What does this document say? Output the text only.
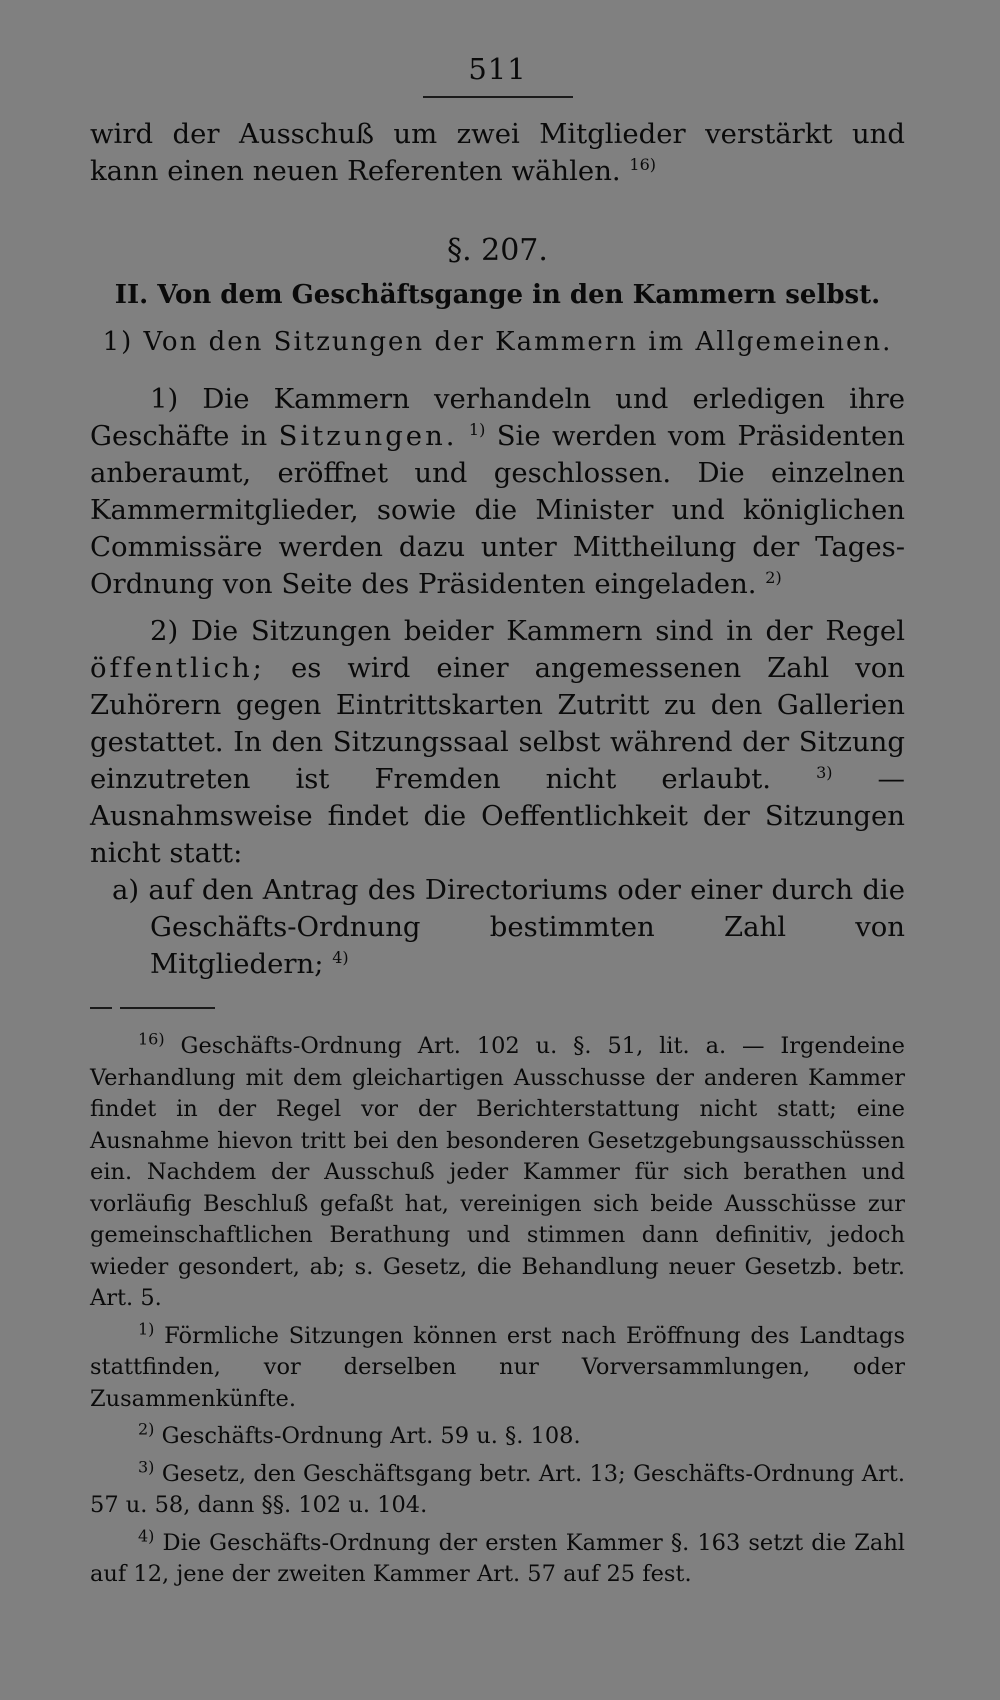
511

wird der Ausschuß um zwei Mitglieder verstärkt und kann einen neuen Referenten wählen. $^{16)}$

§. 207.
II. Von dem Geschäftsgange in den Kammern selbst.
1) Von den Sitzungen der Kammern im Allgemeinen.

1) Die Kammern verhandeln und erledigen ihre Geschäfte in Sitzungen. $^{1)}$ Sie werden vom Präsidenten anberaumt, eröffnet und geschlossen. Die einzelnen Kammermitglieder, sowie die Minister und königlichen Commissäre werden dazu unter Mittheilung der Tages-Ordnung von Seite des Präsidenten eingeladen. $^{2)}$

2) Die Sitzungen beider Kammern sind in der Regel öffentlich; es wird einer angemessenen Zahl von Zuhörern gegen Eintrittskarten Zutritt zu den Gallerien gestattet. In den Sitzungssaal selbst während der Sitzung einzutreten ist Fremden nicht erlaubt.	$^{3)}$ — Ausnahmsweise findet die Oeffentlichkeit der Sitzungen nicht statt:

a) auf den Antrag des Directoriums oder einer durch die Geschäfts-Ordnung bestimmten Zahl von Mitgliedern; $^{4)}$

$^{16)}$ Geschäfts-Ordnung Art. 102 u. §. 51, lit. a. — Irgendeine Verhandlung mit dem gleichartigen Ausschusse der anderen Kammer findet in der Regel vor der Berichterstattung nicht statt; eine Ausnahme hievon tritt bei den besonderen Gesetzgebungsausschüssen ein. Nachdem der Ausschuß jeder Kammer für sich berathen und vorläufig Beschluß gefaßt hat, vereinigen sich beide Ausschüsse zur gemeinschaftlichen Berathung und stimmen dann definitiv, jedoch wieder gesondert, ab; s. Gesetz, die Behandlung neuer Gesetzb. betr. Art. 5.

$^{1)}$ Förmliche Sitzungen können erst nach Eröffnung des Landtags stattfinden, vor derselben nur Vorversammlungen, oder Zusammenkünfte.

$^{2)}$ Geschäfts-Ordnung Art. 59 u. §. 108.

$^{3)}$ Gesetz, den Geschäftsgang betr. Art. 13; Geschäfts-Ordnung Art. 57 u. 58, dann §§. 102 u. 104.

$^{4)}$ Die Geschäfts-Ordnung der ersten Kammer §. 163 setzt die Zahl auf 12, jene der zweiten Kammer Art. 57 auf 25 fest.
